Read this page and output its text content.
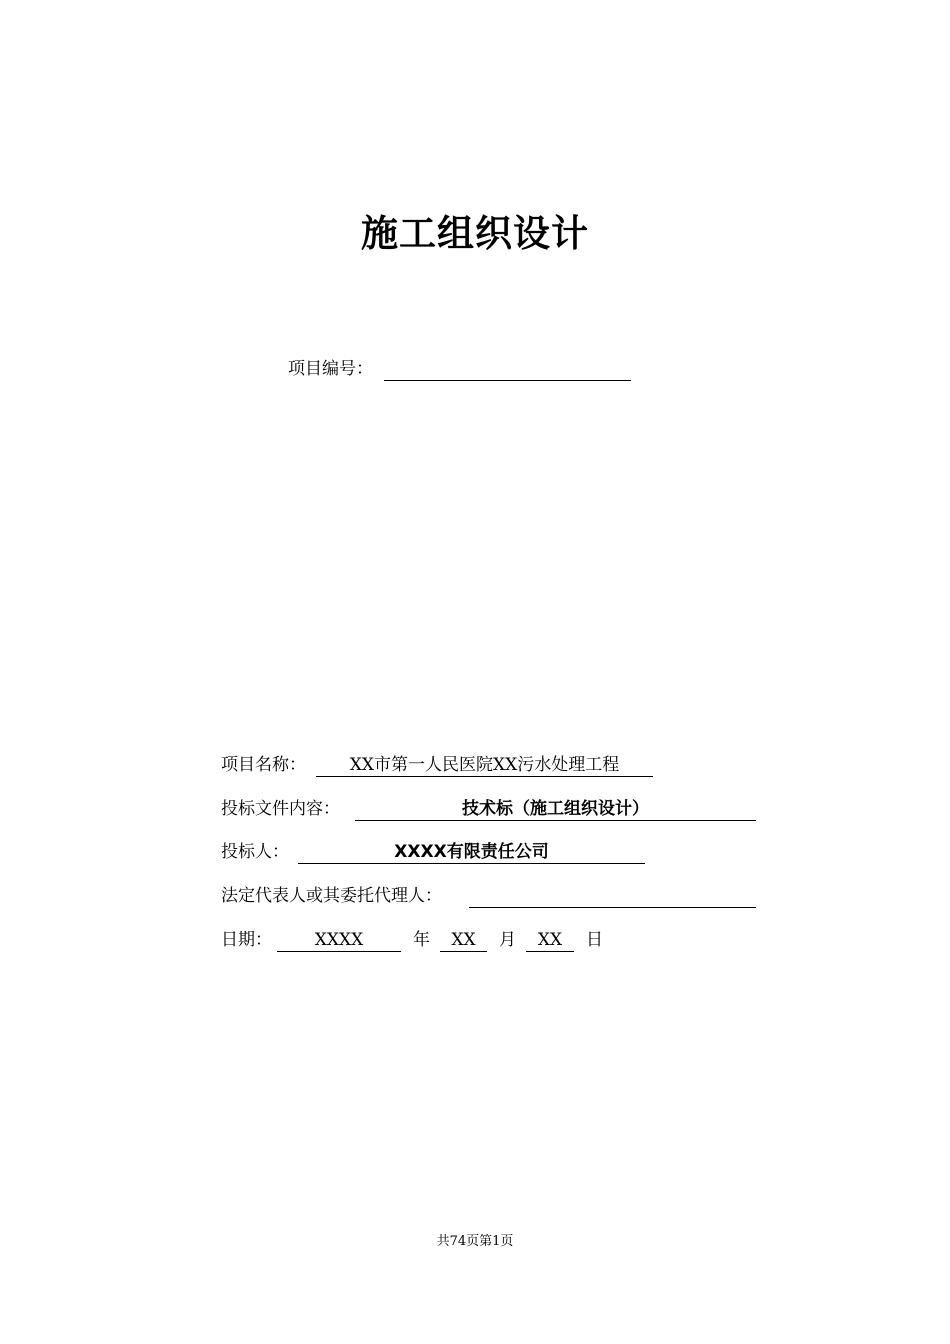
施工组织设计
项目编号：
项目名称：	XX市第一人民医院XX污水处理工程
投标文件内容：	技术标（施工组织设计）
投标人：	XXXX有限责任公司
法定代表人或其委托代理人：
日期：	XXXX	年	XX	月	XX	日
共74页第1页
